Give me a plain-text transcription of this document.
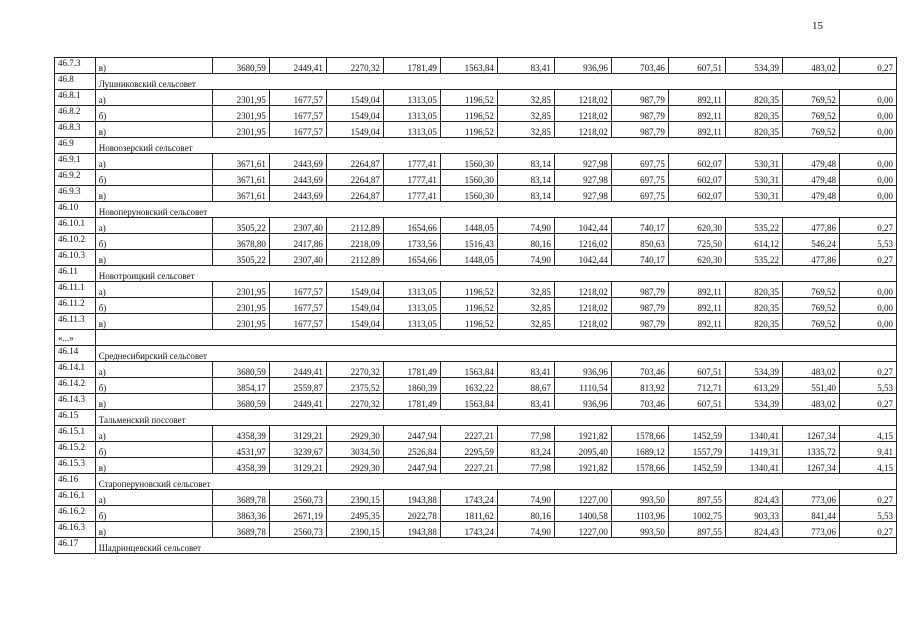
15
46.7.3	в)	3680,59	2449,41	2270,32	1781,49	1563,84	83,41	936,96	703,46	607,51	534,39	483,02	0,27
46.8	Лушниковский сельсовет												
46.8.1	а)	2301,95	1677,57	1549,04	1313,05	1196,52	32,85	1218,02	987,79	892,11	820,35	769,52	0,00
46.8.2	б)	2301,95	1677,57	1549,04	1313,05	1196,52	32,85	1218,02	987,79	892,11	820,35	769,52	0,00
46.8.3	в)	2301,95	1677,57	1549,04	1313,05	1196,52	32,85	1218,02	987,79	892,11	820,35	769,52	0,00
46.9	Новоозерский сельсовет												
46.9.1	а)	3671,61	2443,69	2264,87	1777,41	1560,30	83,14	927,98	697,75	602,07	530,31	479,48	0,00
46.9.2	б)	3671,61	2443,69	2264,87	1777,41	1560,30	83,14	927,98	697,75	602,07	530,31	479,48	0,00
46.9.3	в)	3671,61	2443,69	2264,87	1777,41	1560,30	83,14	927,98	697,75	602,07	530,31	479,48	0,00
46.10	Новоперуновский сельсовет												
46.10.1	а)	3505,22	2307,40	2112,89	1654,66	1448,05	74,90	1042,44	740,17	620,30	535,22	477,86	0,27
46.10.2	б)	3678,80	2417,86	2218,09	1733,56	1516,43	80,16	1216,02	850,63	725,50	614,12	546,24	5,53
46.10.3	в)	3505,22	2307,40	2112,89	1654,66	1448,05	74,90	1042,44	740,17	620,30	535,22	477,86	0,27
46.11	Новотроицкий сельсовет												
46.11.1	а)	2301,95	1677,57	1549,04	1313,05	1196,52	32,85	1218,02	987,79	892,11	820,35	769,52	0,00
46.11.2	б)	2301,95	1677,57	1549,04	1313,05	1196,52	32,85	1218,02	987,79	892,11	820,35	769,52	0,00
46.11.3	в)	2301,95	1677,57	1549,04	1313,05	1196,52	32,85	1218,02	987,79	892,11	820,35	769,52	0,00
«...»													
46.14	Среднесибирский сельсовет												
46.14.1	а)	3680,59	2449,41	2270,32	1781,49	1563,84	83,41	936,96	703,46	607,51	534,39	483,02	0,27
46.14.2	б)	3854,17	2559,87	2375,52	1860,39	1632,22	88,67	1110,54	813,92	712,71	613,29	551,40	5,53
46.14.3	в)	3680,59	2449,41	2270,32	1781,49	1563,84	83,41	936,96	703,46	607,51	534,39	483,02	0,27
46.15	Тальменский поссовет												
46.15.1	а)	4358,39	3129,21	2929,30	2447,94	2227,21	77,98	1921,82	1578,66	1452,59	1340,41	1267,34	4,15
46.15.2	б)	4531,97	3239,67	3034,50	2526,84	2295,59	83,24	2095,40	1689,12	1557,79	1419,31	1335,72	9,41
46.15.3	в)	4358,39	3129,21	2929,30	2447,94	2227,21	77,98	1921,82	1578,66	1452,59	1340,41	1267,34	4,15
46.16	Староперуновский сельсовет												
46.16.1	а)	3689,78	2560,73	2390,15	1943,88	1743,24	74,90	1227,00	993,50	897,55	824,43	773,06	0,27
46.16.2	б)	3863,36	2671,19	2495,35	2022,78	1811,62	80,16	1400,58	1103,96	1002,75	903,33	841,44	5,53
46.16.3	в)	3689,78	2560,73	2390,15	1943,88	1743,24	74,90	1227,00	993,50	897,55	824,43	773,06	0,27
46.17	Шадринцевский сельсовет												
